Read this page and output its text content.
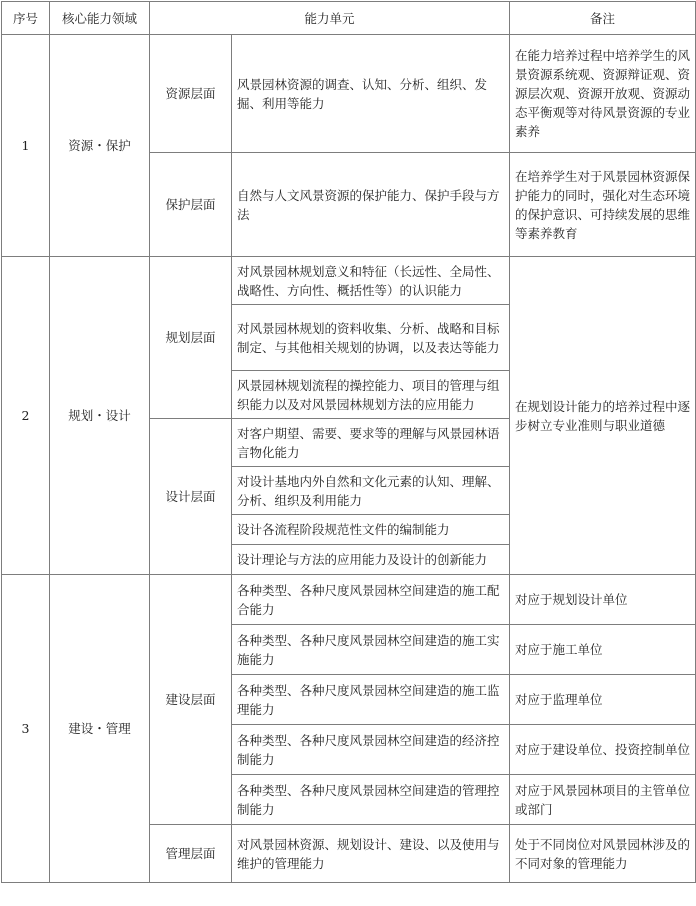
序号	核心能力领域	能力单元		备注
1	资源・保护	资源层面	风景园林资源的调查、认知、分析、组织、发掘、利用等能力	在能力培养过程中培养学生的风景资源系统观、资源辩证观、资源层次观、资源开放观、资源动态平衡观等对待风景资源的专业素养
		保护层面	自然与人文风景资源的保护能力、保护手段与方法	在培养学生对于风景园林资源保护能力的同时，强化对生态环境的保护意识、可持续发展的思维等素养教育
2	规划・设计	规划层面	对风景园林规划意义和特征（长远性、全局性、战略性、方向性、概括性等）的认识能力	在规划设计能力的培养过程中逐步树立专业准则与职业道德
			对风景园林规划的资料收集、分析、战略和目标制定、与其他相关规划的协调，以及表达等能力	
			风景园林规划流程的操控能力、项目的管理与组织能力以及对风景园林规划方法的应用能力	
		设计层面	对客户期望、需要、要求等的理解与风景园林语言物化能力	
			对设计基地内外自然和文化元素的认知、理解、分析、组织及利用能力	
			设计各流程阶段规范性文件的编制能力	
			设计理论与方法的应用能力及设计的创新能力	
3	建设・管理	建设层面	各种类型、各种尺度风景园林空间建造的施工配合能力	对应于规划设计单位
			各种类型、各种尺度风景园林空间建造的施工实施能力	对应于施工单位
			各种类型、各种尺度风景园林空间建造的施工监理能力	对应于监理单位
			各种类型、各种尺度风景园林空间建造的经济控制能力	对应于建设单位、投资控制单位
			各种类型、各种尺度风景园林空间建造的管理控制能力	对应于风景园林项目的主管单位或部门
		管理层面	对风景园林资源、规划设计、建设、以及使用与维护的管理能力	处于不同岗位对风景园林涉及的不同对象的管理能力
